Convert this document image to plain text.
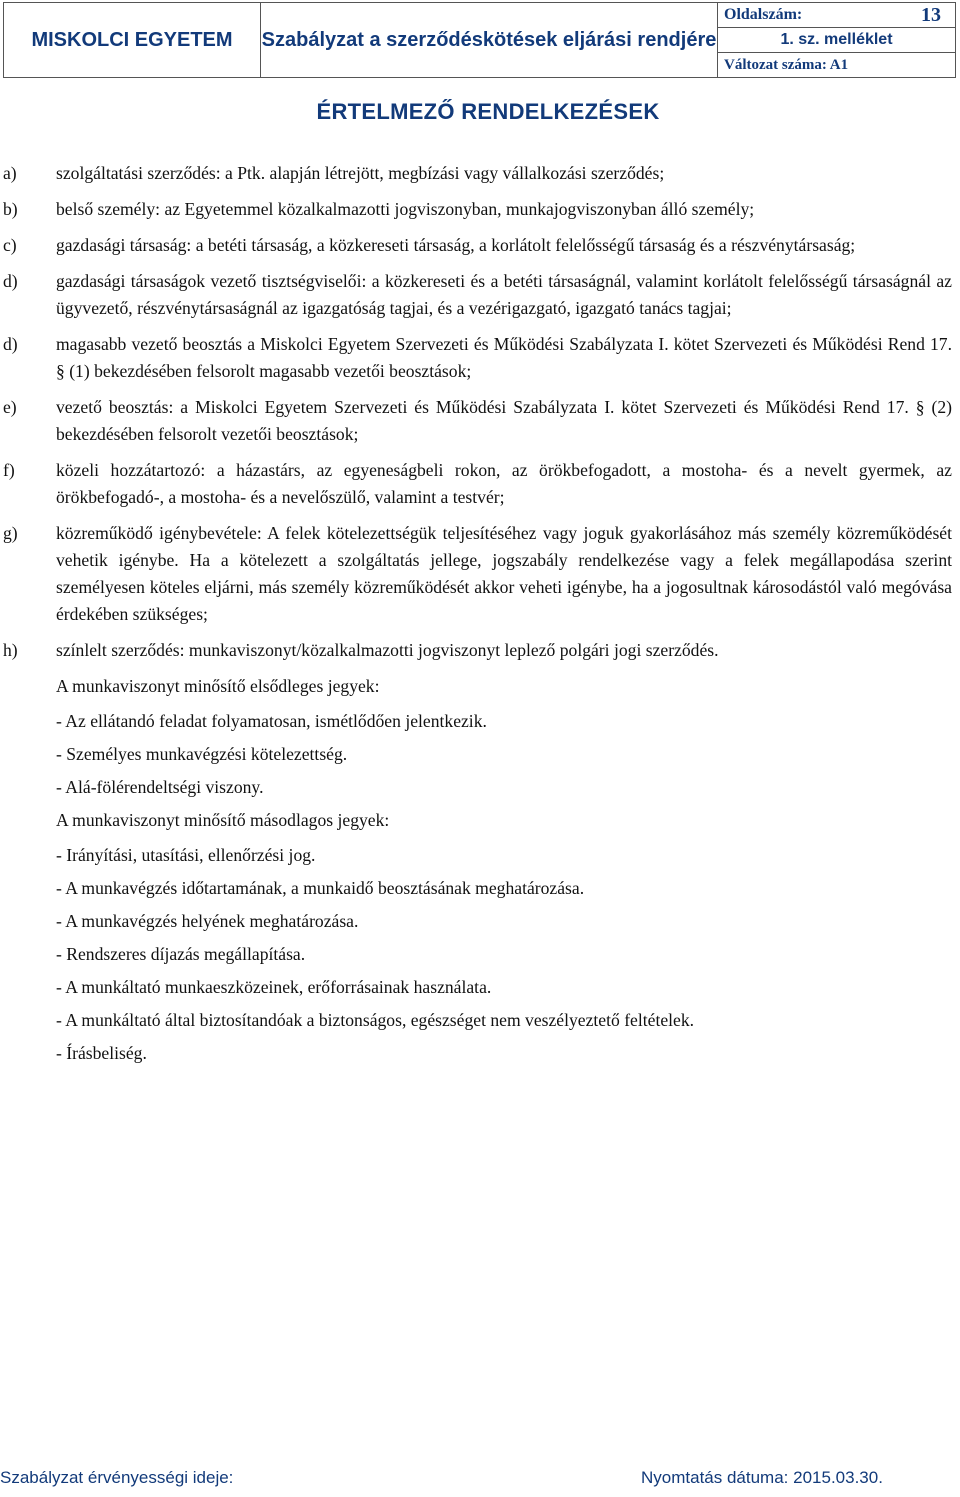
MISKOLCI EGYETEM	Szabályzat a szerződéskötések eljárási rendjére	
Oldalszám:	13
1. sz. melléklet
Változat száma: A1
ÉRTELMEZŐ RENDELKEZÉSEK
a) szolgáltatási szerződés: a Ptk. alapján létrejött, megbízási vagy vállalkozási szerződés;
b) belső személy: az Egyetemmel közalkalmazotti jogviszonyban, munkajogviszonyban álló személy;
c) gazdasági társaság: a betéti társaság, a közkereseti társaság, a korlátolt felelősségű társaság és a részvénytársaság;
d) gazdasági társaságok vezető tisztségviselői: a közkereseti és a betéti társaságnál, valamint korlátolt felelősségű társaságnál az ügyvezető, részvénytársaságnál az igazgatóság tagjai, és a vezérigazgató, igazgató tanács tagjai;
d) magasabb vezető beosztás a Miskolci Egyetem Szervezeti és Működési Szabályzata I. kötet Szervezeti és Működési Rend 17. § (1) bekezdésében felsorolt magasabb vezetői beosztások;
e) vezető beosztás: a Miskolci Egyetem Szervezeti és Működési Szabályzata I. kötet Szervezeti és Működési Rend 17. § (2) bekezdésében felsorolt vezetői beosztások;
f) közeli hozzátartozó: a házastárs, az egyeneságbeli rokon, az örökbefogadott, a mostoha- és a nevelt gyermek, az örökbefogadó-, a mostoha- és a nevelőszülő, valamint a testvér;
g) közreműködő igénybevétele: A felek kötelezettségük teljesítéséhez vagy joguk gyakorlásához más személy közreműködését vehetik igénybe. Ha a kötelezett a szolgáltatás jellege, jogszabály rendelkezése vagy a felek megállapodása szerint személyesen köteles eljárni, más személy közreműködését akkor veheti igénybe, ha a jogosultnak károsodástól való megóvása érdekében szükséges;
h) színlelt szerződés: munkaviszonyt/közalkalmazotti jogviszonyt leplező polgári jogi szerződés.
A munkaviszonyt minősítő elsődleges jegyek:
- Az ellátandó feladat folyamatosan, ismétlődően jelentkezik.
- Személyes munkavégzési kötelezettség.
- Alá-fölérendeltségi viszony.
A munkaviszonyt minősítő másodlagos jegyek:
- Irányítási, utasítási, ellenőrzési jog.
- A munkavégzés időtartamának, a munkaidő beosztásának meghatározása.
- A munkavégzés helyének meghatározása.
- Rendszeres díjazás megállapítása.
- A munkáltató munkaeszközeinek, erőforrásainak használata.
- A munkáltató által biztosítandóak a biztonságos, egészséget nem veszélyeztető feltételek.
- Írásbeliség.
Szabályzat érvényességi ideje:	Nyomtatás dátuma: 2015.03.30.
